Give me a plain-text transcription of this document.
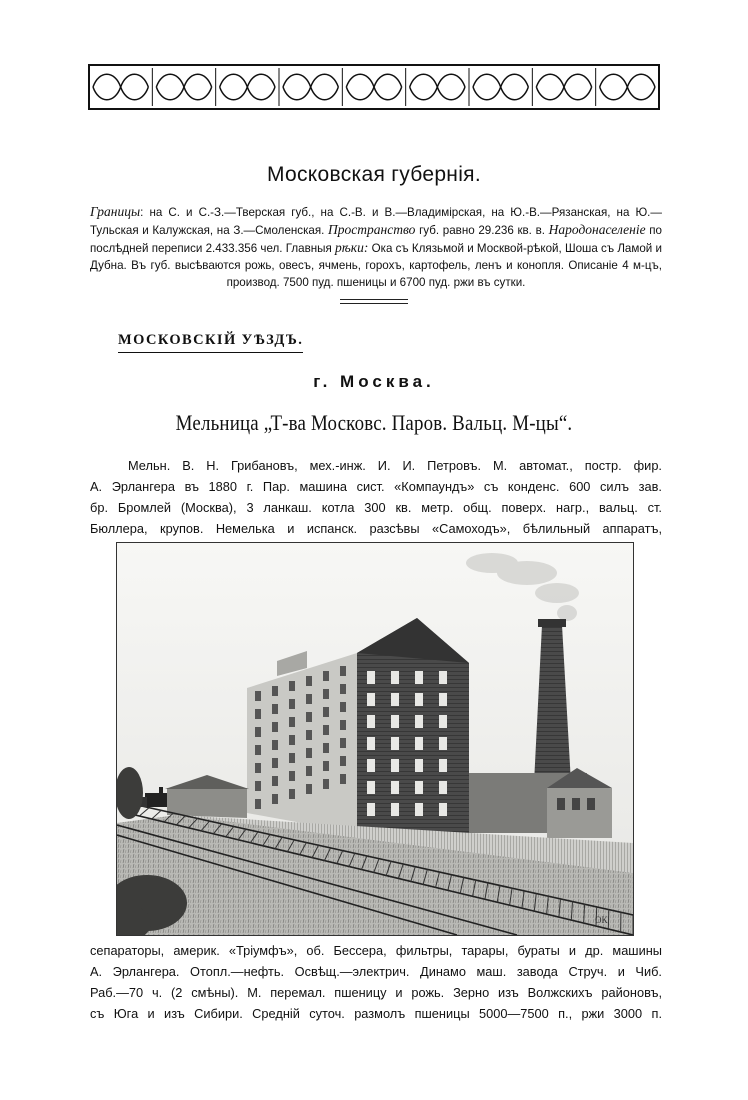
Московская губернія.
Границы: на С. и С.-З.—Тверская губ., на С.-В. и В.—Владимірская, на Ю.-В.—Рязанская, на Ю.—Тульская и Калужская, на З.—Смоленская. Пространство губ. равно 29.236 кв. в. Народонаселеніе по послѣдней переписи 2.433.356 чел. Главныя рѣки: Ока съ Клязьмой и Москвой-рѣкой, Шоша съ Ламой и Дубна. Въ губ. высѣваются рожь, овесъ, ячмень, горохъ, картофель, ленъ и конопля. Описаніе 4 м-цъ, производ. 7500 пуд. пшеницы и 6700 пуд. ржи въ сутки.
МОСКОВСКІЙ УѢЗДЪ.
г. Москва.
Мельница „Т-ва Московс. Паров. Вальц. М-цы“.
Мельн. В. Н. Грибановъ, мех.-инж. И. И. Петровъ. М. автомат., постр. фир.
А. Эрлангера въ 1880 г. Пар. машина сист. «Компаундъ» съ конденс. 600 силъ зав.
бр. Бромлей (Москва), 3 ланкаш. котла 300 кв. метр. общ. поверх. нагр., вальц. ст.
Бюллера, крупов. Немелька и испанск. разсѣвы «Самоходъ», бѣлильный аппаратъ,
ОК
сепараторы, америк. «Тріумфъ», об. Бессера, фильтры, тарары, бураты и др. машины
А. Эрлангера. Отопл.—нефть. Освѣщ.—электрич. Динамо маш. завода Струч. и Чиб.
Раб.—70 ч. (2 смѣны). М. перемал. пшеницу и рожь. Зерно изъ Волжскихъ районовъ,
съ Юга и изъ Сибири. Средній суточ. размолъ пшеницы 5000—7500 п., ржи 3000 п.
